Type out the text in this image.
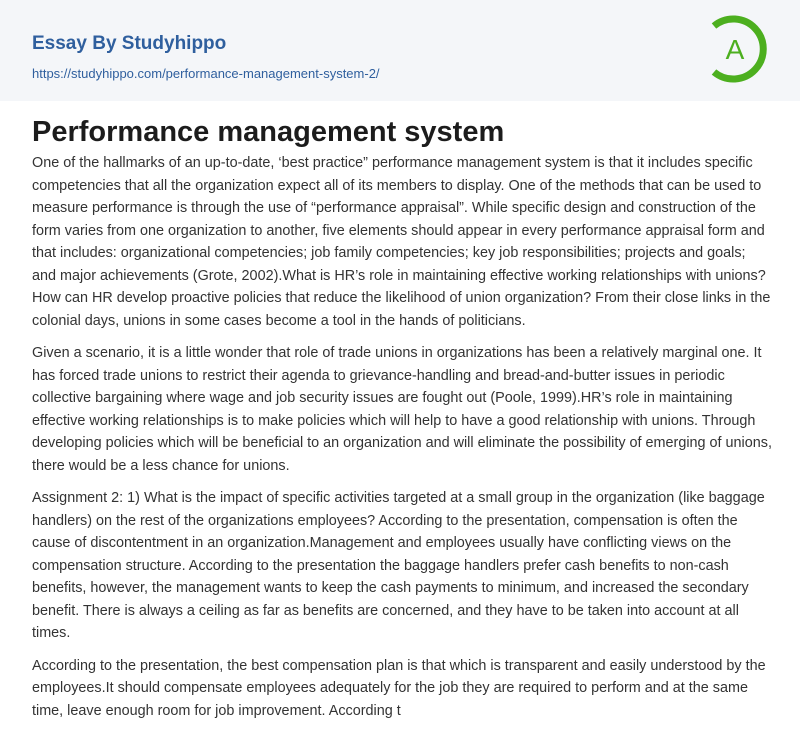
Essay By Studyhippo
https://studyhippo.com/performance-management-system-2/
A
Performance management system

One of the hallmarks of an up-to-date, ‘best practice” performance management system is that it includes specific competencies that all the organization expect all of its members to display. One of the methods that can be used to measure performance is through the use of “performance appraisal”. While specific design and construction of the form varies from one organization to another, five elements should appear in every performance appraisal form and that includes: organizational competencies; job family competencies; key job responsibilities; projects and goals; and major achievements (Grote, 2002).What is HR’s role in maintaining effective working relationships with unions? How can HR develop proactive policies that reduce the likelihood of union organization? From their close links in the colonial days, unions in some cases become a tool in the hands of politicians.

Given a scenario, it is a little wonder that role of trade unions in organizations has been a relatively marginal one. It has forced trade unions to restrict their agenda to grievance-handling and bread-and-butter issues in periodic collective bargaining where wage and job security issues are fought out (Poole, 1999).HR’s role in maintaining effective working relationships is to make policies which will help to have a good relationship with unions. Through developing policies which will be beneficial to an organization and will eliminate the possibility of emerging of unions, there would be a less chance for unions.

Assignment 2: 1) What is the impact of specific activities targeted at a small group in the organization (like baggage handlers) on the rest of the organizations employees? According to the presentation, compensation is often the cause of discontentment in an organization.Management and employees usually have conflicting views on the compensation structure. According to the presentation the baggage handlers prefer cash benefits to non-cash benefits, however, the management wants to keep the cash payments to minimum, and increased the secondary benefit. There is always a ceiling as far as benefits are concerned, and they have to be taken into account at all times.

According to the presentation, the best compensation plan is that which is transparent and easily understood by the employees.It should compensate employees adequately for the job they are required to perform and at the same time, leave enough room for job improvement. According t
